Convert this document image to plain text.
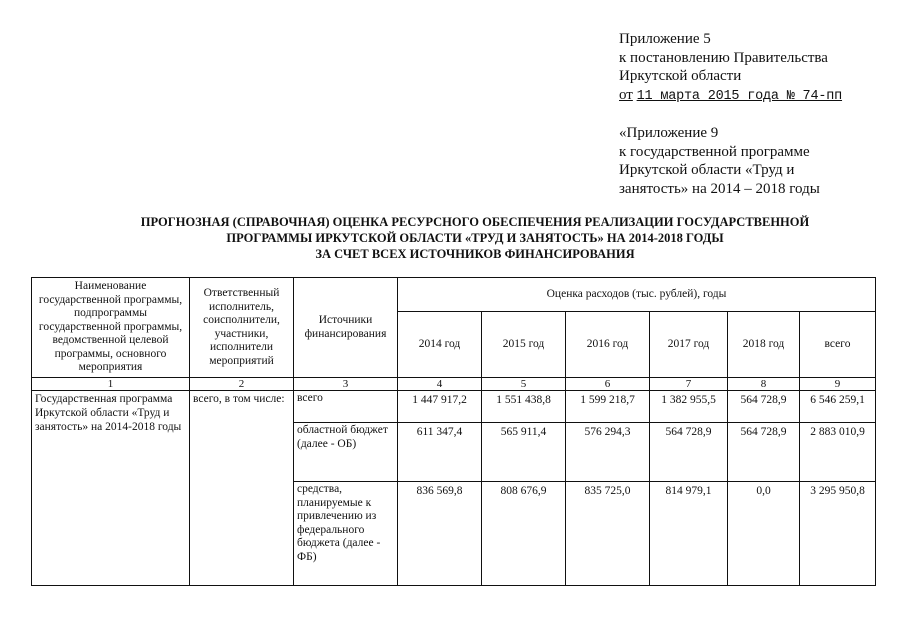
Приложение 5
к постановлению Правительства
Иркутской области
от 11 марта 2015 года № 74-пп
«Приложение 9
к государственной программе
Иркутской области «Труд и
занятость» на 2014 – 2018 годы
ПРОГНОЗНАЯ (СПРАВОЧНАЯ) ОЦЕНКА РЕСУРСНОГО ОБЕСПЕЧЕНИЯ РЕАЛИЗАЦИИ ГОСУДАРСТВЕННОЙ
ПРОГРАММЫ ИРКУТСКОЙ ОБЛАСТИ «ТРУД И ЗАНЯТОСТЬ» НА 2014-2018 ГОДЫ
ЗА СЧЕТ ВСЕХ ИСТОЧНИКОВ ФИНАНСИРОВАНИЯ
Наименование государственной программы, подпрограммы государственной программы, ведомственной целевой программы, основного мероприятия	Ответственный исполнитель, соисполнители, участники, исполнители мероприятий	Источники финансирования	Оценка расходов (тыс. рублей), годы					
			2014 год	2015 год	2016 год	2017 год	2018 год	всего
1	2	3	4	5	6	7	8	9
Государственная программа Иркутской области «Труд и занятость» на 2014-2018 годы	всего, в том числе:	всего	1 447 917,2	1 551 438,8	1 599 218,7	1 382 955,5	564 728,9	6 546 259,1
		областной бюджет (далее - ОБ)	611 347,4	565 911,4	576 294,3	564 728,9	564 728,9	2 883 010,9
		средства, планируемые к привлечению из федерального бюджета (далее - ФБ)	836 569,8	808 676,9	835 725,0	814 979,1	0,0	3 295 950,8
